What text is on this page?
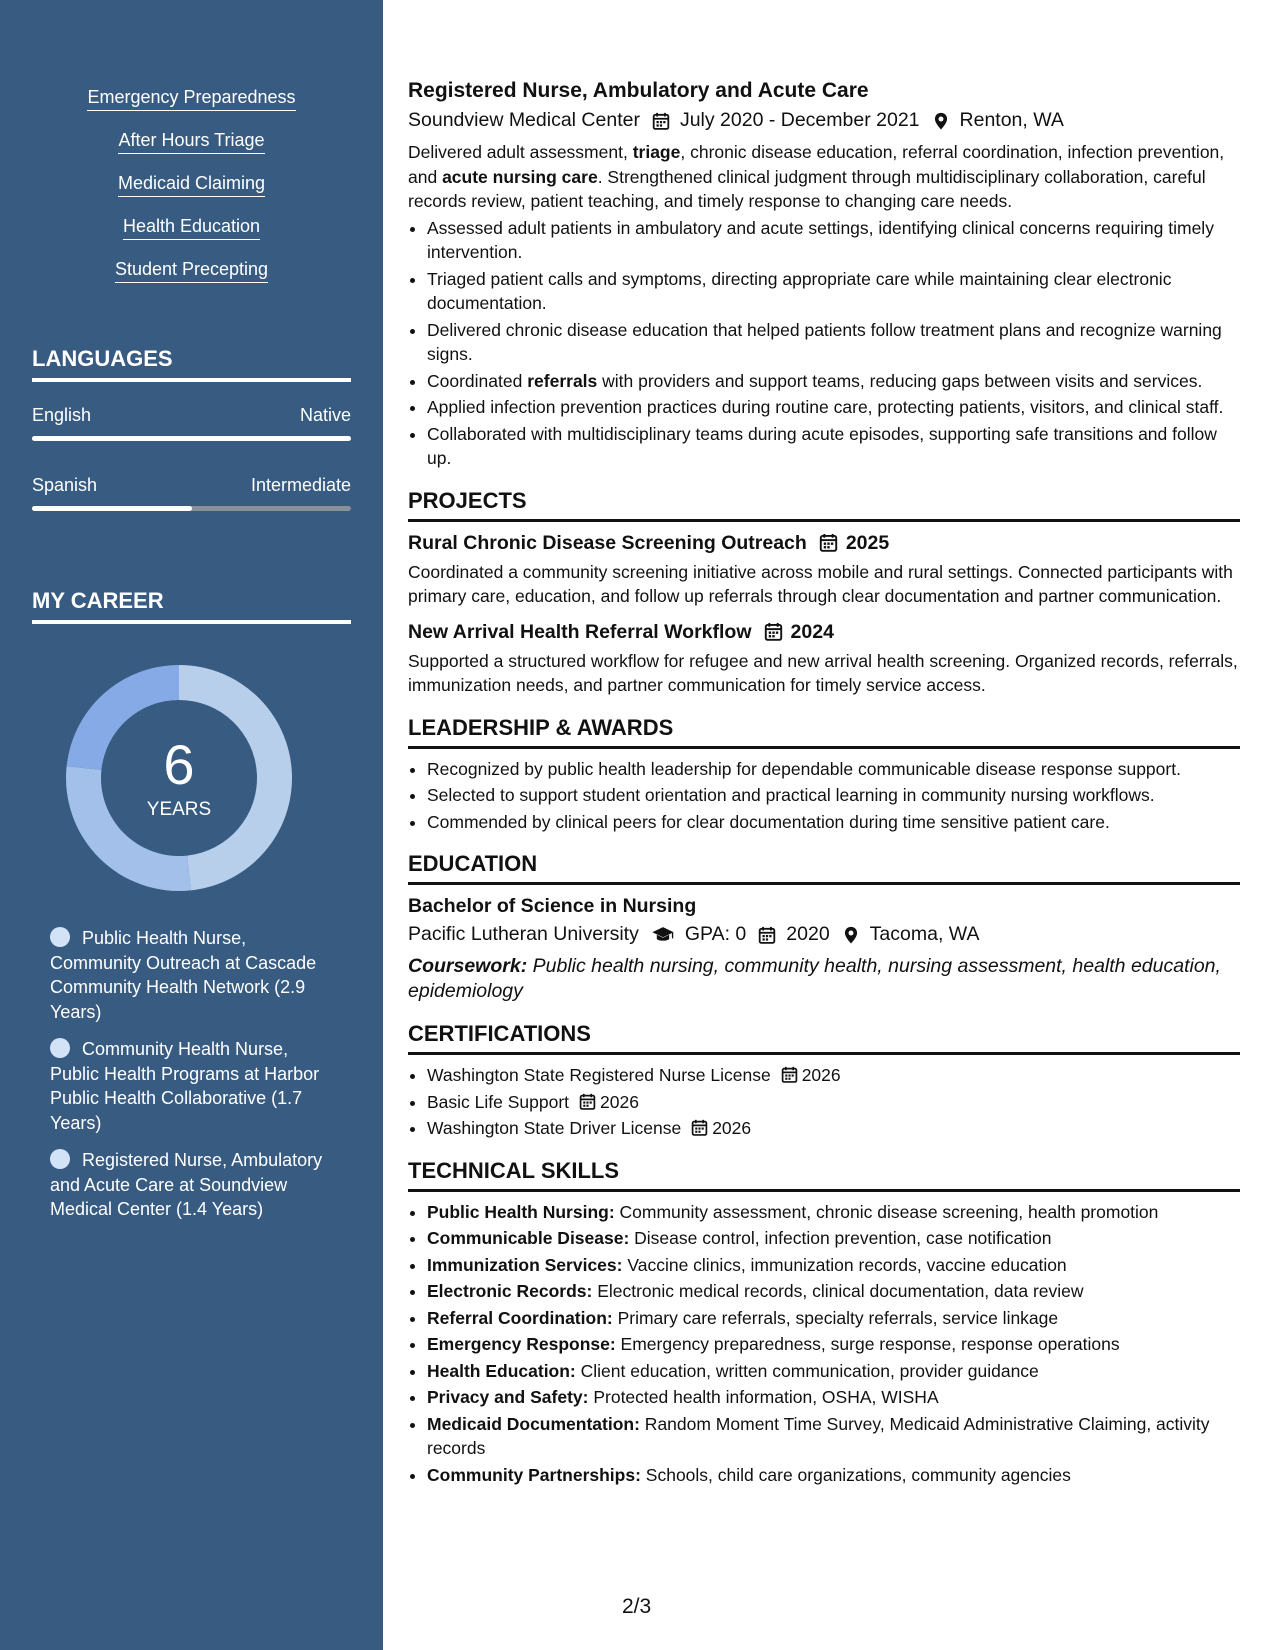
Emergency Preparedness
After Hours Triage
Medicaid Claiming
Health Education
Student Precepting
LANGUAGES
English	Native
Spanish	Intermediate
MY CAREER
6
YEARS
Public Health Nurse, Community Outreach at Cascade Community Health Network (2.9 Years)
Community Health Nurse, Public Health Programs at Harbor Public Health Collaborative (1.7 Years)
Registered Nurse, Ambulatory and Acute Care at Soundview Medical Center (1.4 Years)
Registered Nurse, Ambulatory and Acute Care
Soundview Medical Center July 2020 - December 2021 Renton, WA

Delivered adult assessment, triage, chronic disease education, referral coordination, infection prevention, and acute nursing care. Strengthened clinical judgment through multidisciplinary collaboration, careful records review, patient teaching, and timely response to changing care needs.

• Assessed adult patients in ambulatory and acute settings, identifying clinical concerns requiring timely intervention.
• Triaged patient calls and symptoms, directing appropriate care while maintaining clear electronic documentation.
• Delivered chronic disease education that helped patients follow treatment plans and recognize warning signs.
• Coordinated referrals with providers and support teams, reducing gaps between visits and services.
• Applied infection prevention practices during routine care, protecting patients, visitors, and clinical staff.
• Collaborated with multidisciplinary teams during acute episodes, supporting safe transitions and follow up.
PROJECTS
Rural Chronic Disease Screening Outreach 2025

Coordinated a community screening initiative across mobile and rural settings. Connected participants with primary care, education, and follow up referrals through clear documentation and partner communication.

New Arrival Health Referral Workflow 2024

Supported a structured workflow for refugee and new arrival health screening. Organized records, referrals, immunization needs, and partner communication for timely service access.

LEADERSHIP & AWARDS
• Recognized by public health leadership for dependable communicable disease response support.
• Selected to support student orientation and practical learning in community nursing workflows.
• Commended by clinical peers for clear documentation during time sensitive patient care.
EDUCATION
Bachelor of Science in Nursing
Pacific Lutheran University GPA: 0 2020 Tacoma, WA

Coursework: Public health nursing, community health, nursing assessment, health education, epidemiology

CERTIFICATIONS
• Washington State Registered Nurse License 2026
• Basic Life Support 2026
• Washington State Driver License 2026
TECHNICAL SKILLS
• Public Health Nursing: Community assessment, chronic disease screening, health promotion
• Communicable Disease: Disease control, infection prevention, case notification
• Immunization Services: Vaccine clinics, immunization records, vaccine education
• Electronic Records: Electronic medical records, clinical documentation, data review
• Referral Coordination: Primary care referrals, specialty referrals, service linkage
• Emergency Response: Emergency preparedness, surge response, response operations
• Health Education: Client education, written communication, provider guidance
• Privacy and Safety: Protected health information, OSHA, WISHA
• Medicaid Documentation: Random Moment Time Survey, Medicaid Administrative Claiming, activity records
• Community Partnerships: Schools, child care organizations, community agencies
2/3
